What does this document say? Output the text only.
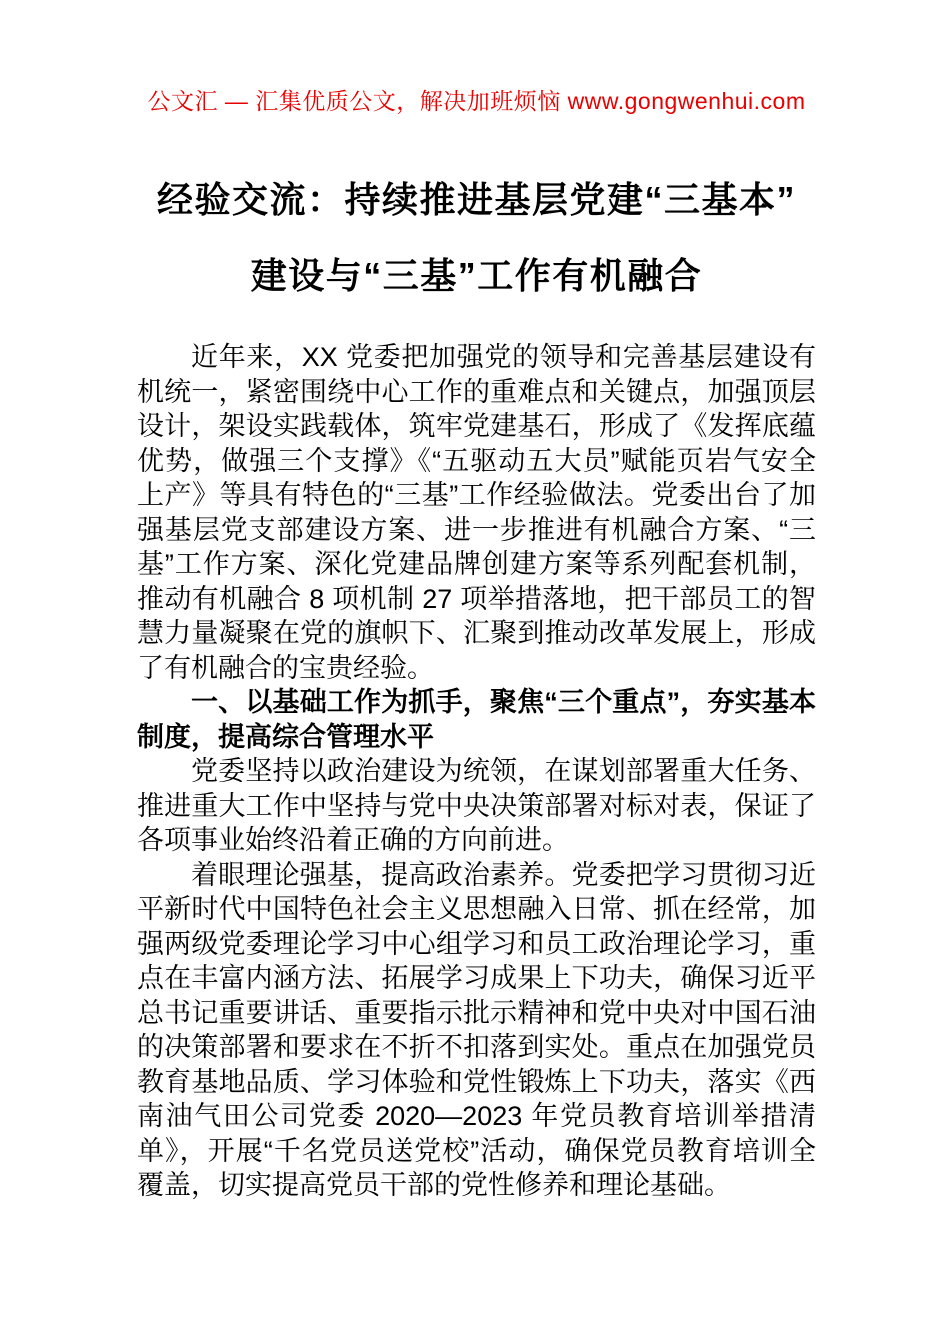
公文汇 — 汇集优质公文，解决加班烦恼 www.gongwenhui.com
经验交流：持续推进基层党建“三基本”
建设与“三基”工作有机融合

近年来，XX 党委把加强党的领导和完善基层建设有机统一，紧密围绕中心工作的重难点和关键点，加强顶层设计，架设实践载体，筑牢党建基石，形成了《发挥底蕴优势，做强三个支撑》《“五驱动五大员”赋能页岩气安全上产》等具有特色的“三基”工作经验做法。党委出台了加强基层党支部建设方案、进一步推进有机融合方案、“三基”工作方案、深化党建品牌创建方案等系列配套机制，推动有机融合 8 项机制 27 项举措落地，把干部员工的智慧力量凝聚在党的旗帜下、汇聚到推动改革发展上，形成了有机融合的宝贵经验。

一、以基础工作为抓手，聚焦“三个重点”，夯实基本制度，提高综合管理水平

党委坚持以政治建设为统领，在谋划部署重大任务、推进重大工作中坚持与党中央决策部署对标对表，保证了各项事业始终沿着正确的方向前进。

着眼理论强基，提高政治素养。党委把学习贯彻习近平新时代中国特色社会主义思想融入日常、抓在经常，加强两级党委理论学习中心组学习和员工政治理论学习，重点在丰富内涵方法、拓展学习成果上下功夫，确保习近平总书记重要讲话、重要指示批示精神和党中央对中国石油的决策部署和要求在不折不扣落到实处。重点在加强党员教育基地品质、学习体验和党性锻炼上下功夫，落实《西南油气田公司党委 2020—2023 年党员教育培训举措清单》，开展“千名党员送党校”活动，确保党员教育培训全覆盖，切实提高党员干部的党性修养和理论基础。
